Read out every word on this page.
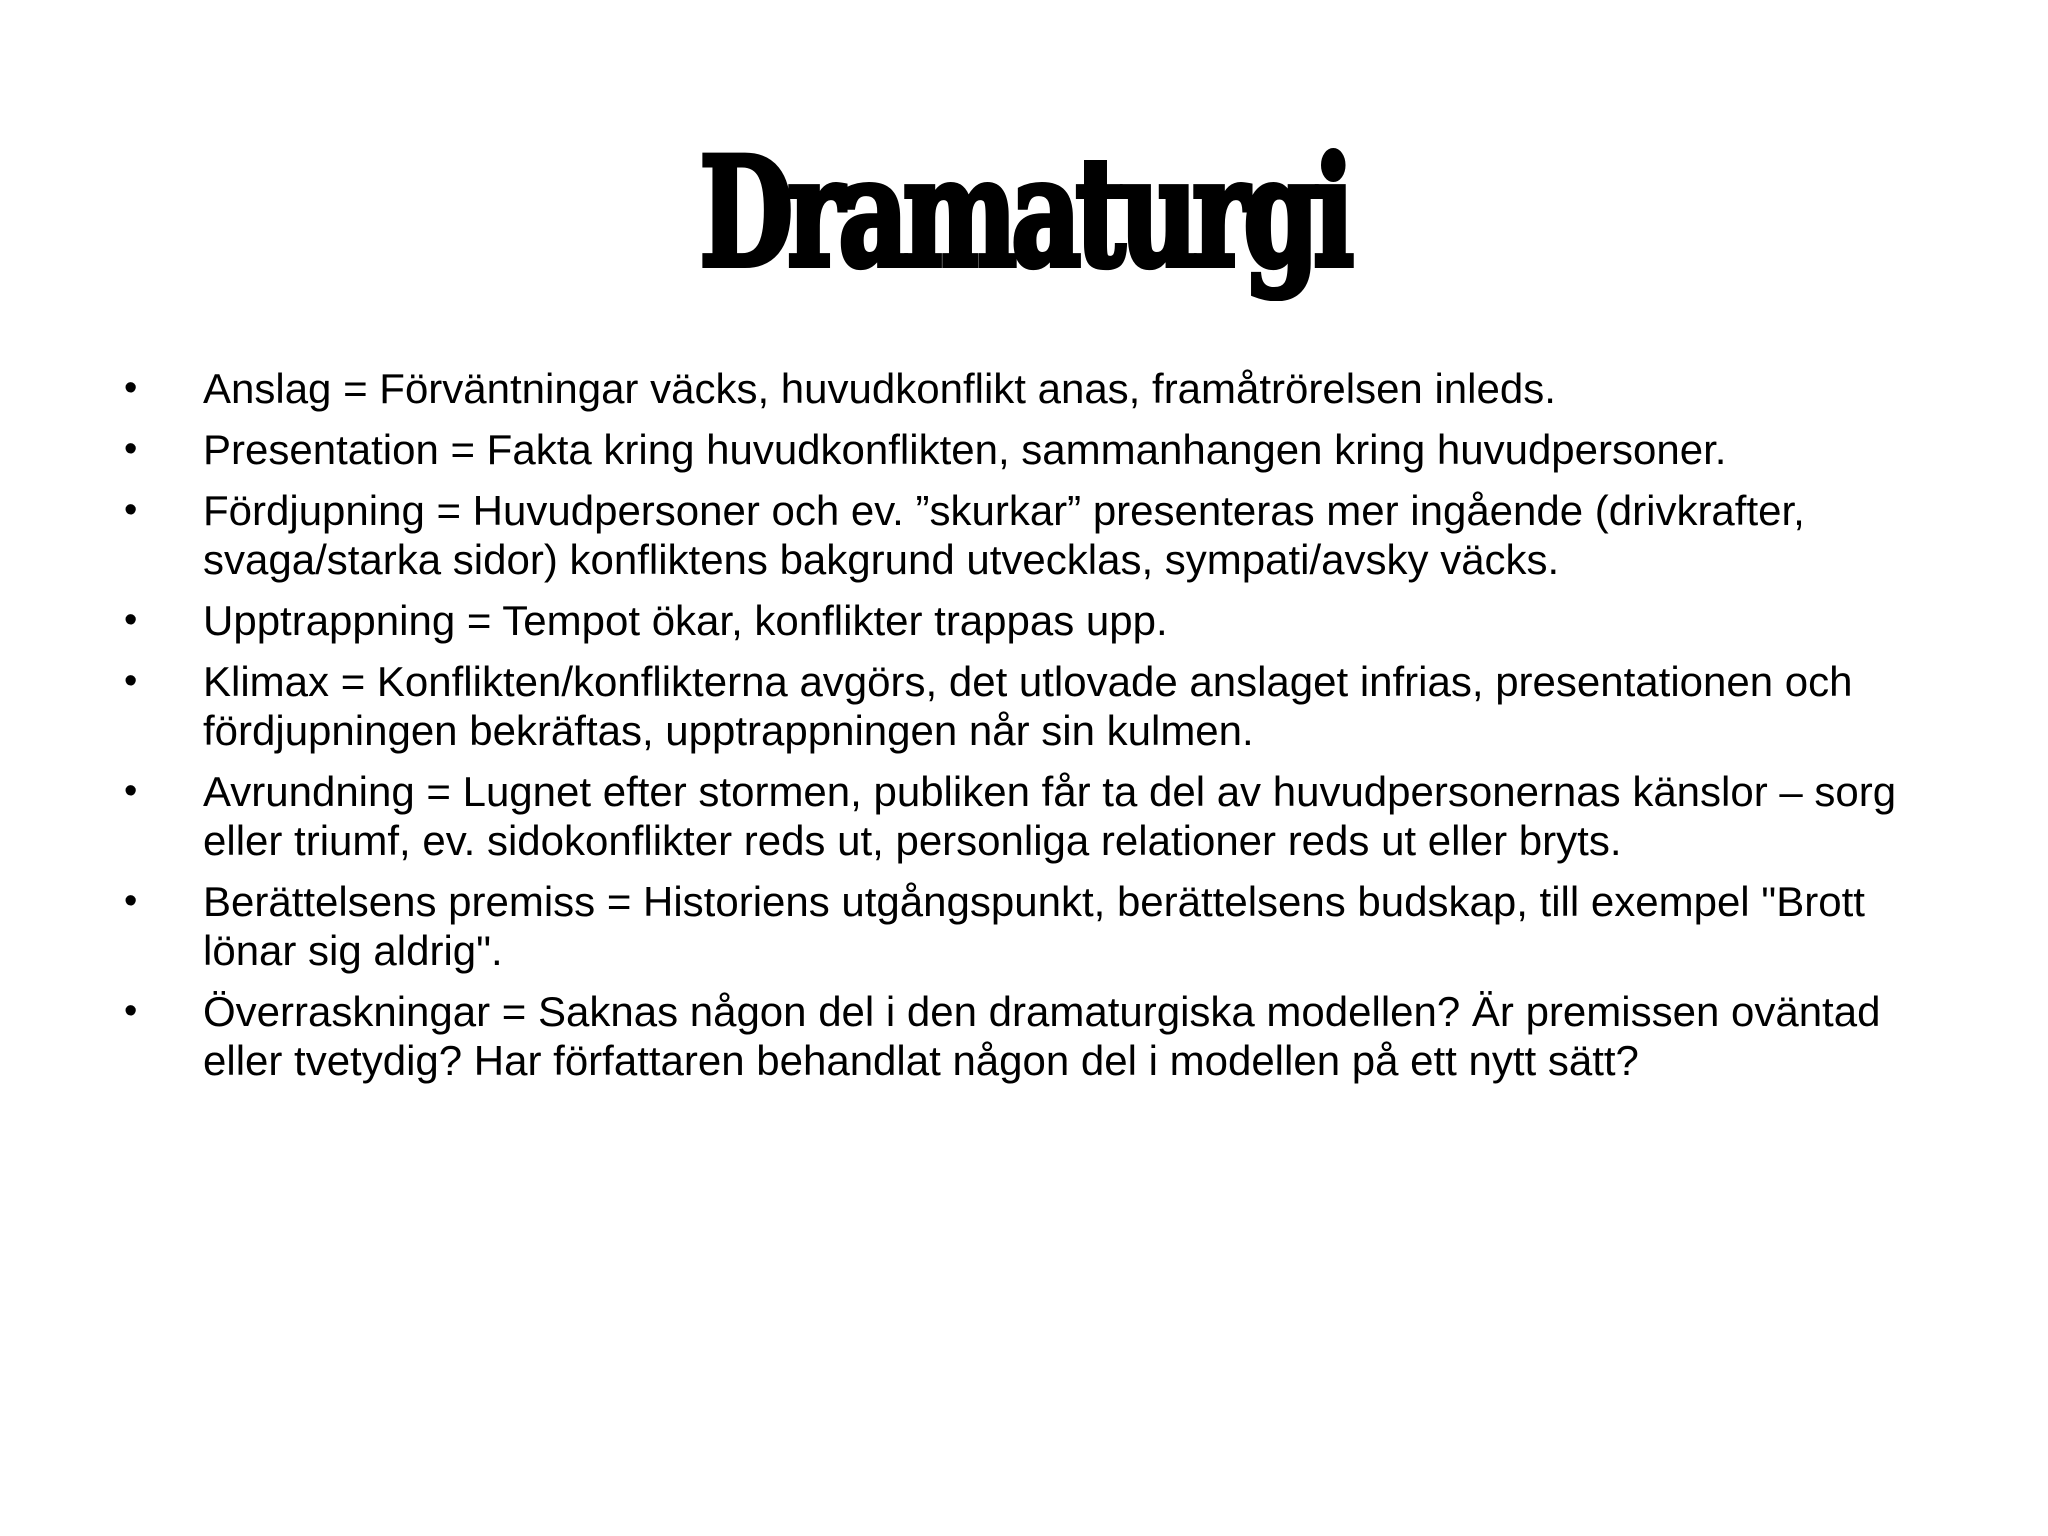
Dramaturgi
•	Anslag = Förväntningar väcks, huvudkonflikt anas, framåtrörelsen inleds.
•	Presentation = Fakta kring huvudkonflikten, sammanhangen kring huvudpersoner.
•	Fördjupning = Huvudpersoner och ev. ”skurkar” presenteras mer ingående (drivkrafter, svaga/starka sidor) konfliktens bakgrund utvecklas, sympati/avsky väcks.
•	Upptrappning = Tempot ökar, konflikter trappas upp.
•	Klimax = Konflikten/konflikterna avgörs, det utlovade anslaget infrias, presentationen och fördjupningen bekräftas, upptrappningen når sin kulmen.
•	Avrundning = Lugnet efter stormen, publiken får ta del av huvudpersonernas känslor – sorg eller triumf, ev. sidokonflikter reds ut, personliga relationer reds ut eller bryts.
•	Berättelsens premiss = Historiens utgångspunkt, berättelsens budskap, till exempel "Brott lönar sig aldrig".
•	Överraskningar = Saknas någon del i den dramaturgiska modellen? Är premissen oväntad eller tvetydig? Har författaren behandlat någon del i modellen på ett nytt sätt?
